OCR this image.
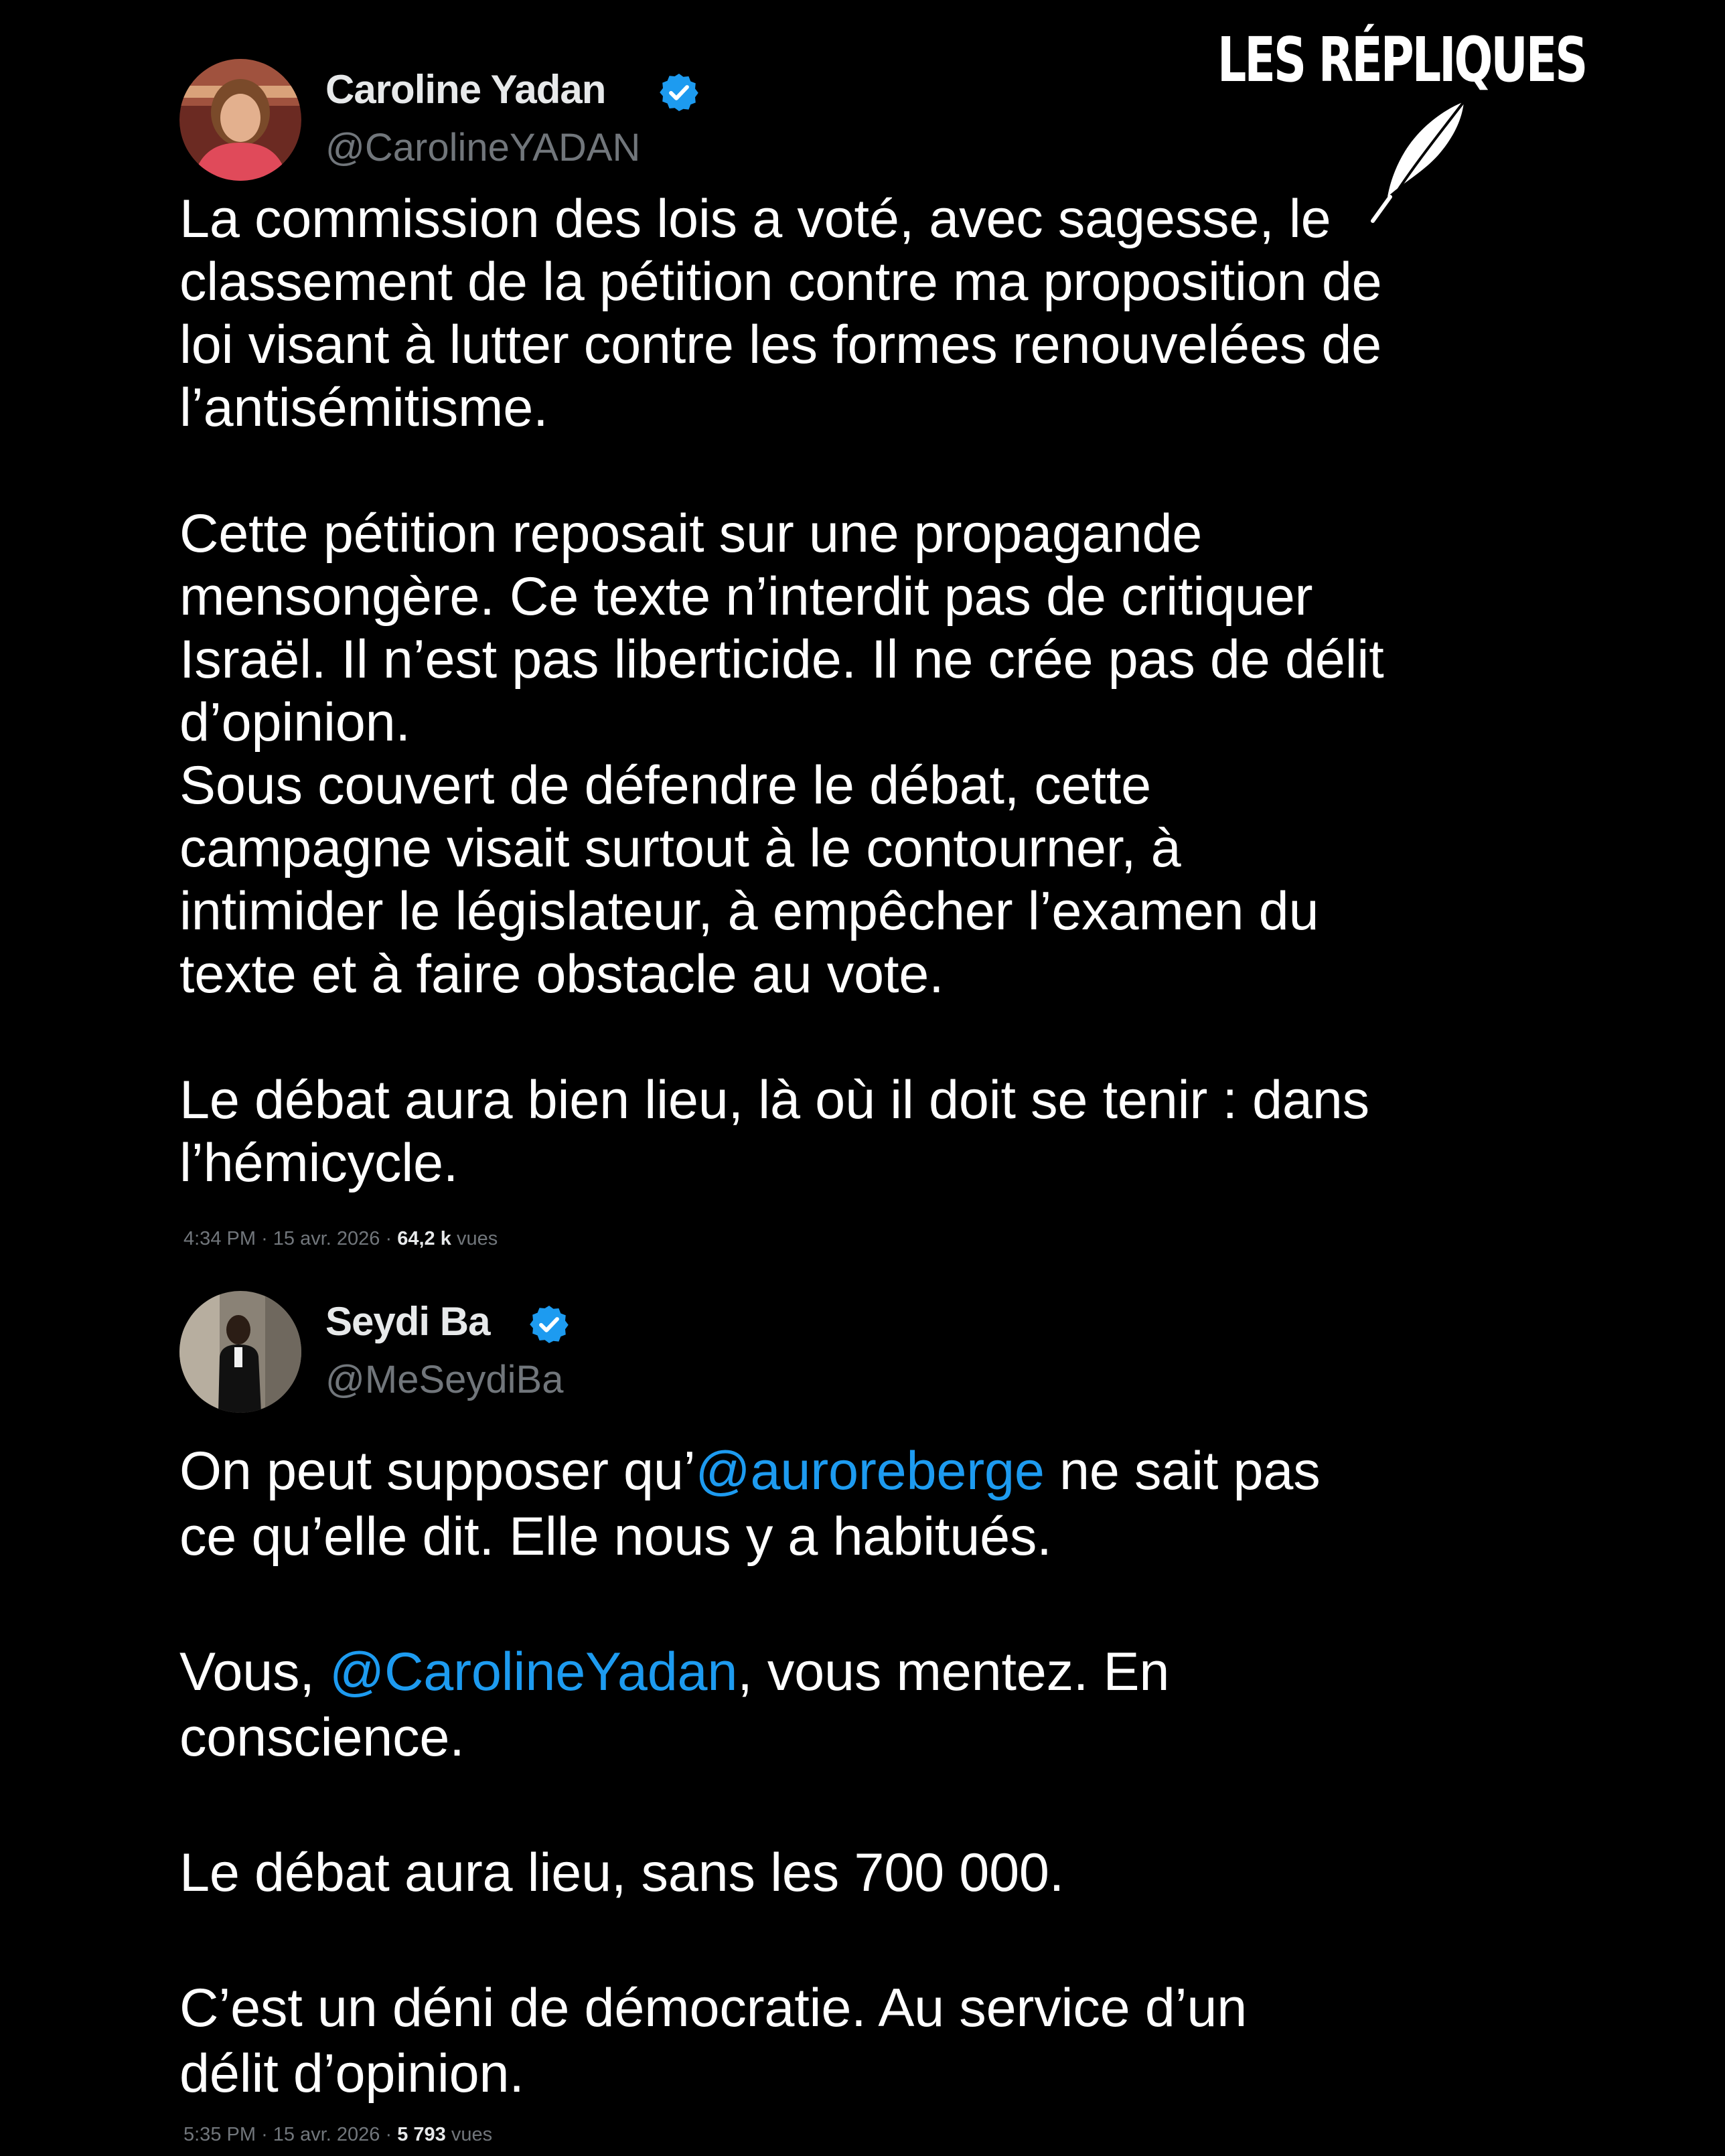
LES RÉPLIQUES
Caroline Yadan
@CarolineYADAN

La commission des lois a voté, avec sagesse, le

classement de la pétition contre ma proposition de

loi visant à lutter contre les formes renouvelées de

l’antisémitisme.

Cette pétition reposait sur une propagande

mensongère. Ce texte n’interdit pas de critiquer

Israël. Il n’est pas liberticide. Il ne crée pas de délit

d’opinion.

Sous couvert de défendre le débat, cette

campagne visait surtout à le contourner, à

intimider le législateur, à empêcher l’examen du

texte et à faire obstacle au vote.

Le débat aura bien lieu, là où il doit se tenir : dans

l’hémicycle.

4:34 PM · 15 avr. 2026 · 64,2 k vues
Seydi Ba
@MeSeydiBa

On peut supposer qu’@auroreberge ne sait pas

ce qu’elle dit. Elle nous y a habitués.

Vous, @CarolineYadan, vous mentez. En

conscience.

Le débat aura lieu, sans les 700 000.

C’est un déni de démocratie. Au service d’un

délit d’opinion.

5:35 PM · 15 avr. 2026 · 5 793 vues
